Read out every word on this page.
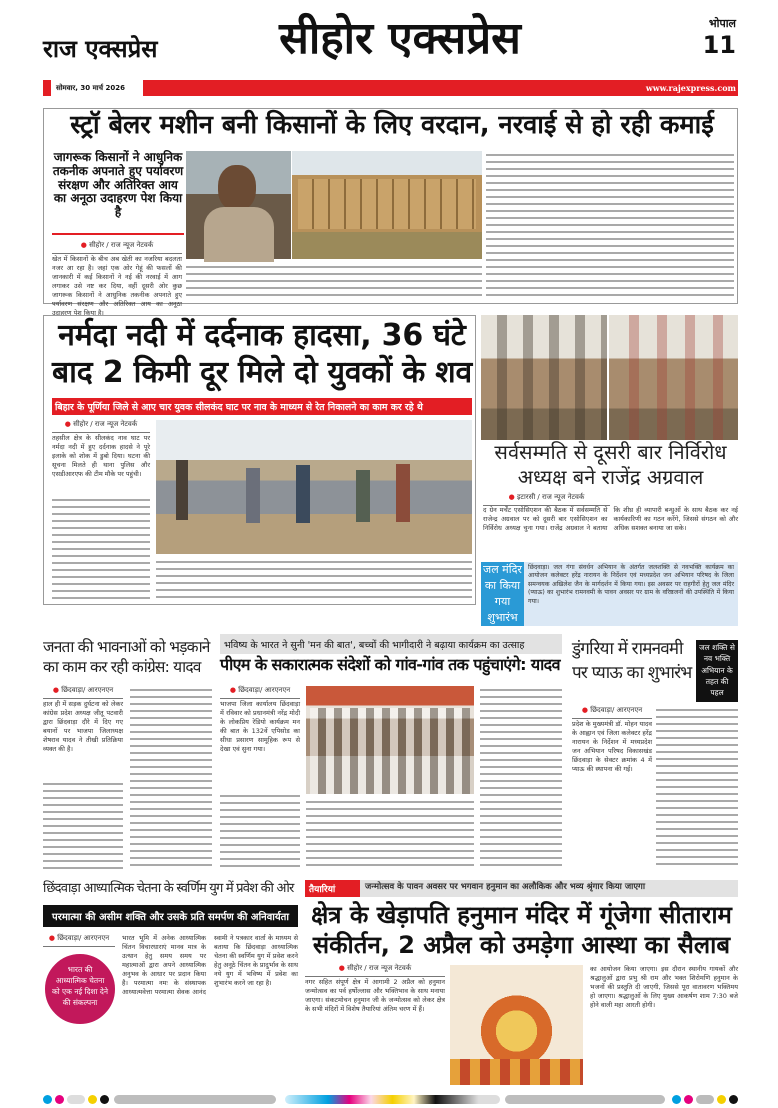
राज एक्सप्रेस
सोमवार, 30 मार्च 2026
सीहोर एक्सप्रेस
www.rajexpress.com
भोपाल
11
स्ट्रॉ बेलर मशीन बनी किसानों के लिए वरदान, नरवाई से हो रही कमाई
जागरूक किसानों ने आधुनिक तकनीक अपनाते हुए पर्यावरण संरक्षण और अतिरिक्त आय का अनूठा उदाहरण पेश किया है
● सीहोर / राज न्यूज नेटवर्क
खेत में किसानों के बीच अब खेती का नजरिया बदलता नजर आ रहा है। जहां एक ओर गेहूं की फसलों की जानकारी में कई किसानों ने नई की नरवाई में आग लगाकर उसे नष्ट कर दिया, वहीं दूसरी ओर कुछ जागरूक किसानों ने आधुनिक तकनीक अपनाते हुए पर्यावरण संरक्षण और अतिरिक्त आय का अनूठा उदाहरण पेश किया है।
नर्मदा नदी में दर्दनाक हादसा, 36 घंटे बाद 2 किमी दूर मिले दो युवकों के शव
बिहार के पूर्णिया जिले से आए चार युवक सीलकंद घाट पर नाव के माध्यम से रेत निकालने का काम कर रहे थे
● सीहोर / राज न्यूज नेटवर्क
तहसील क्षेत्र के सीलकंद नाव घाट पर नर्मदा नदी में हुए दर्दनाक हादसे ने पूरे इलाके को शोक में डुबो दिया। घटना की सूचना मिलते ही थाना पुलिस और एसडीआरएफ की टीम मौके पर पहुंची।
सर्वसम्मति से दूसरी बार निर्विरोध अध्यक्ष बने राजेंद्र अग्रवाल
● इटारसी / राज न्यूज नेटवर्क
द ग्रेन मर्चेंट एसोसिएशन की बैठक में सर्वसम्मति से राजेन्द्र अग्रवाल पर को दूसरी बार एसोसिएशन का निर्विरोध अध्यक्ष चुना गया। राजेंद्र अग्रवाल ने बताया कि शीघ्र ही व्यापारी बन्धुओं के साथ बैठक कर नई कार्यकारिणी का गठन करेंगे, जिससे संगठन को और अधिक सशक्त बनाया जा सके।
जल मंदिर का किया गया शुभारंभ
छिंदवाड़ा। जल गंगा संवर्धन अभियान के अंतर्गत जलशक्ति से नवभक्ति कार्यक्रम का आयोजन कलेक्टर हरेंद्र नारायन के निर्देशन एवं मध्यप्रदेश जन अभियान परिषद के जिला समन्वयक अखिलेश जैन के मार्गदर्शन में किया गया। इस अवसर पर राहगीरों हेतु जल मंदिर (प्याऊ) का शुभारंभ रामनवमी के पावन अवसर पर ग्राम के वरिष्ठजनों की उपस्थिति में किया गया।
जनता की भावनाओं को भड़काने का काम कर रही कांग्रेस: यादव
● छिंदवाड़ा/ आरएनएन
हाल ही में सड़क दुर्घटना को लेकर कांग्रेस प्रदेश अध्यक्ष जीतू पटवारी द्वारा छिंदवाड़ा दौरे में दिए गए बयानों पर भाजपा जिलाध्यक्ष शेषराव यादव ने तीखी प्रतिक्रिया व्यक्त की है।
भविष्य के भारत ने सुनी 'मन की बात', बच्चों की भागीदारी ने बढ़ाया कार्यक्रम का उत्साह
पीएम के सकारात्मक संदेशों को गांव-गांव तक पहुंचाएंगे: यादव
● छिंदवाड़ा/ आरएनएन
भाजपा जिला कार्यालय छिंदवाड़ा में रविवार को प्रधानमंत्री नरेंद्र मोदी के लोकप्रिय रेडियो कार्यक्रम मन की बात के 132वें एपिसोड का सीधा प्रसारण सामूहिक रूप से देखा एवं सुना गया।
डुंगरिया में रामनवमी पर प्याऊ का शुभारंभ
जल शक्ति से नव भक्ति अभियान के तहत की पहल
● छिंदवाड़ा/ आरएनएन
प्रदेश के मुख्यमंत्री डॉ. मोहन यादव के आह्वान एवं जिला कलेक्टर हरेंद्र नारायन के निर्देशन में मध्यप्रदेश जन अभियान परिषद विकासखंड छिंदवाड़ा के सेक्टर क्रमांक 4 में प्याऊ की स्थापना की गई।
छिंदवाड़ा आध्यात्मिक चेतना के स्वर्णिम युग में प्रवेश की ओर
परमात्मा की असीम शक्ति और उसके प्रति समर्पण की अनिवार्यता
● छिंदवाड़ा/ आरएनएन
भारत की आध्यात्मिक चेतना को एक नई दिशा देने की संकल्पना
भारत भूमि में अनेक आध्यात्मिक चिंतन विचारधाराएं मानव मात्र के उत्थान हेतु समय समय पर महात्माओं द्वारा अपने आध्यात्मिक अनुभव के आधार पर प्रदान किया है। परमात्मा नमः के संस्थापक आध्यात्मवेत्ता परमात्मा सेवक आनंद स्वामी ने पत्रकार वार्ता के माध्यम से बताया कि छिंदवाड़ा आध्यात्मिक चेतना की स्वर्णिम युग में प्रवेश करने हेतु अनूठे चिंतन के प्रादुर्भाव के साथ नये युग में भविष्य में प्रवेश का शुभारंभ करने जा रहा है।
तैयारियां	जन्मोत्सव के पावन अवसर पर भगवान हनुमान का अलौकिक और भव्य श्रृंगार किया जाएगा
क्षेत्र के खेड़ापति हनुमान मंदिर में गूंजेगा सीताराम संकीर्तन, 2 अप्रैल को उमड़ेगा आस्था का सैलाब
● सीहोर / राज न्यूज नेटवर्क
नगर सहित संपूर्ण क्षेत्र में आगामी 2 अप्रैल को हनुमान जन्मोत्सव का पर्व हर्षोल्लास और भक्तिभाव के साथ मनाया जाएगा। संकटमोचन हनुमान जी के जन्मोत्सव को लेकर क्षेत्र के सभी मंदिरों में विशेष तैयारियां अंतिम चरण में हैं।
का आयोजन किया जाएगा। इस दौरान स्थानीय गायकों और श्रद्धालुओं द्वारा प्रभु श्री राम और भक्त शिरोमणि हनुमान के भजनों की प्रस्तुति दी जाएगी, जिससे पूरा वातावरण भक्तिमय हो जाएगा। श्रद्धालुओं के लिए मुख्य आकर्षण शाम 7:30 बजे होने वाली महा आरती होगी।
